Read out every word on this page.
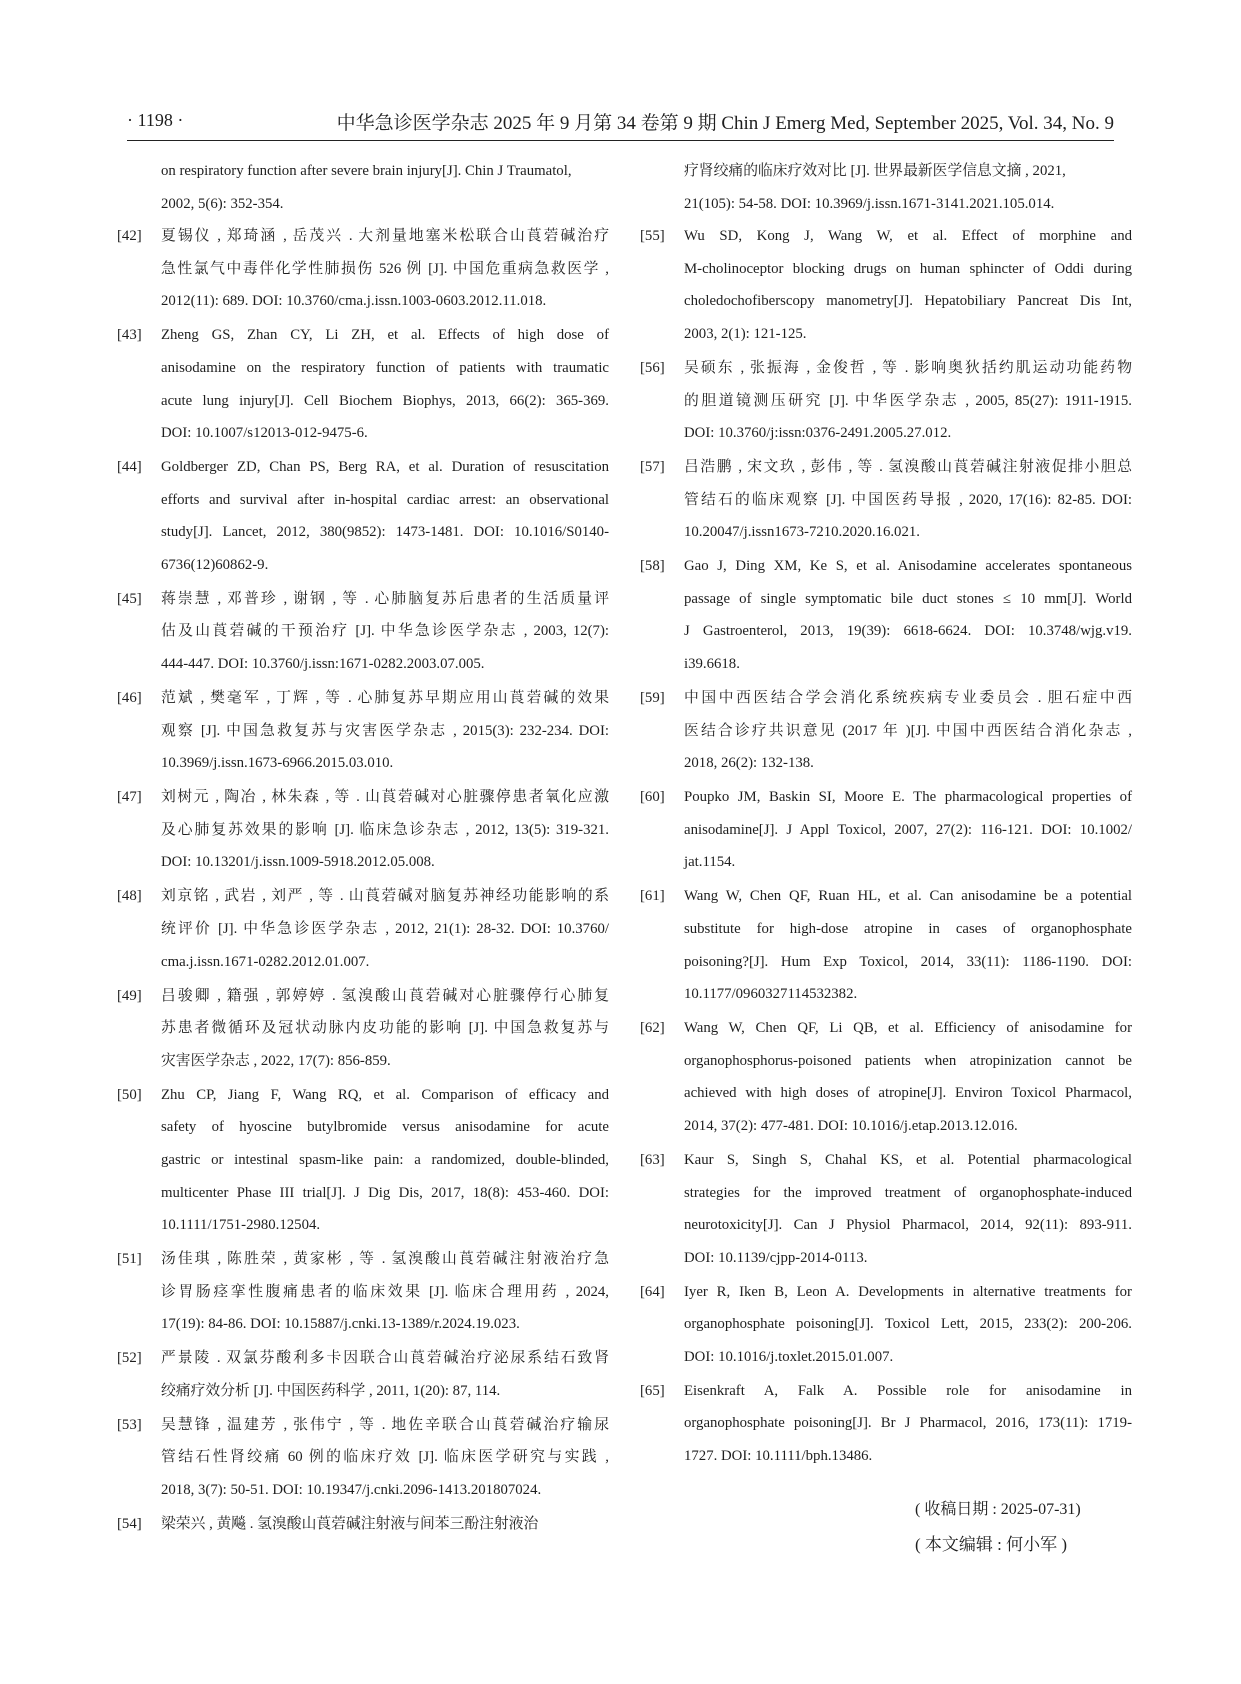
· 1198 ·	中华急诊医学杂志 2025 年 9 月第 34 卷第 9 期 Chin J Emerg Med, September 2025, Vol. 34, No. 9
on respiratory function after severe brain injury[J]. Chin J Traumatol,
2002, 5(6): 352-354.
[42] 夏锡仪 , 郑琦涵 , 岳茂兴 . 大剂量地塞米松联合山莨菪碱治疗
急性氯气中毒伴化学性肺损伤 526 例 [J]. 中国危重病急救医学 ,
2012(11): 689. DOI: 10.3760/cma.j.issn.1003-0603.2012.11.018.
[43] Zheng GS, Zhan CY, Li ZH, et al. Effects of high dose of
anisodamine on the respiratory function of patients with traumatic
acute lung injury[J]. Cell Biochem Biophys, 2013, 66(2): 365-369.
DOI: 10.1007/s12013-012-9475-6.
[44] Goldberger ZD, Chan PS, Berg RA, et al. Duration of resuscitation
efforts and survival after in-hospital cardiac arrest: an observational
study[J]. Lancet, 2012, 380(9852): 1473-1481. DOI: 10.1016/S0140-
6736(12)60862-9.
[45] 蒋崇慧 , 邓普珍 , 谢钢 , 等 . 心肺脑复苏后患者的生活质量评
估及山莨菪碱的干预治疗 [J]. 中华急诊医学杂志 , 2003, 12(7):
444-447. DOI: 10.3760/j.issn:1671-0282.2003.07.005.
[46] 范斌 , 樊毫军 , 丁辉 , 等 . 心肺复苏早期应用山莨菪碱的效果
观察 [J]. 中国急救复苏与灾害医学杂志 , 2015(3): 232-234. DOI:
10.3969/j.issn.1673-6966.2015.03.010.
[47] 刘树元 , 陶冶 , 林朱森 , 等 . 山莨菪碱对心脏骤停患者氧化应激
及心肺复苏效果的影响 [J]. 临床急诊杂志 , 2012, 13(5): 319-321.
DOI: 10.13201/j.issn.1009-5918.2012.05.008.
[48] 刘京铭 , 武岩 , 刘严 , 等 . 山莨菪碱对脑复苏神经功能影响的系
统评价 [J]. 中华急诊医学杂志 , 2012, 21(1): 28-32. DOI: 10.3760/
cma.j.issn.1671-0282.2012.01.007.
[49] 吕骏卿 , 籍强 , 郭婷婷 . 氢溴酸山莨菪碱对心脏骤停行心肺复
苏患者微循环及冠状动脉内皮功能的影响 [J]. 中国急救复苏与
灾害医学杂志 , 2022, 17(7): 856-859.
[50] Zhu CP, Jiang F, Wang RQ, et al. Comparison of efficacy and
safety of hyoscine butylbromide versus anisodamine for acute
gastric or intestinal spasm-like pain: a randomized, double-blinded,
multicenter Phase III trial[J]. J Dig Dis, 2017, 18(8): 453-460. DOI:
10.1111/1751-2980.12504.
[51] 汤佳琪 , 陈胜荣 , 黄家彬 , 等 . 氢溴酸山莨菪碱注射液治疗急
诊胃肠痉挛性腹痛患者的临床效果 [J]. 临床合理用药 , 2024,
17(19): 84-86. DOI: 10.15887/j.cnki.13-1389/r.2024.19.023.
[52] 严景陵 . 双氯芬酸利多卡因联合山莨菪碱治疗泌尿系结石致肾
绞痛疗效分析 [J]. 中国医药科学 , 2011, 1(20): 87, 114.
[53] 吴慧锋 , 温建芳 , 张伟宁 , 等 . 地佐辛联合山莨菪碱治疗输尿
管结石性肾绞痛 60 例的临床疗效 [J]. 临床医学研究与实践 ,
2018, 3(7): 50-51. DOI: 10.19347/j.cnki.2096-1413.201807024.
[54] 梁荣兴 , 黄飚 . 氢溴酸山莨菪碱注射液与间苯三酚注射液治
疗肾绞痛的临床疗效对比 [J]. 世界最新医学信息文摘 , 2021,
21(105): 54-58. DOI: 10.3969/j.issn.1671-3141.2021.105.014.
[55] Wu SD, Kong J, Wang W, et al. Effect of morphine and
M-cholinoceptor blocking drugs on human sphincter of Oddi during
choledochofiberscopy manometry[J]. Hepatobiliary Pancreat Dis Int,
2003, 2(1): 121-125.
[56] 吴硕东 , 张振海 , 金俊哲 , 等 . 影响奥狄括约肌运动功能药物
的胆道镜测压研究 [J]. 中华医学杂志 , 2005, 85(27): 1911-1915.
DOI: 10.3760/j:issn:0376-2491.2005.27.012.
[57] 吕浩鹏 , 宋文玖 , 彭伟 , 等 . 氢溴酸山莨菪碱注射液促排小胆总
管结石的临床观察 [J]. 中国医药导报 , 2020, 17(16): 82-85. DOI:
10.20047/j.issn1673-7210.2020.16.021.
[58] Gao J, Ding XM, Ke S, et al. Anisodamine accelerates spontaneous
passage of single symptomatic bile duct stones ≤ 10 mm[J]. World
J Gastroenterol, 2013, 19(39): 6618-6624. DOI: 10.3748/wjg.v19.
i39.6618.
[59] 中国中西医结合学会消化系统疾病专业委员会 . 胆石症中西
医结合诊疗共识意见 (2017 年 )[J]. 中国中西医结合消化杂志 ,
2018, 26(2): 132-138.
[60] Poupko JM, Baskin SI, Moore E. The pharmacological properties of
anisodamine[J]. J Appl Toxicol, 2007, 27(2): 116-121. DOI: 10.1002/
jat.1154.
[61] Wang W, Chen QF, Ruan HL, et al. Can anisodamine be a potential
substitute for high-dose atropine in cases of organophosphate
poisoning?[J]. Hum Exp Toxicol, 2014, 33(11): 1186-1190. DOI:
10.1177/0960327114532382.
[62] Wang W, Chen QF, Li QB, et al. Efficiency of anisodamine for
organophosphorus-poisoned patients when atropinization cannot be
achieved with high doses of atropine[J]. Environ Toxicol Pharmacol,
2014, 37(2): 477-481. DOI: 10.1016/j.etap.2013.12.016.
[63] Kaur S, Singh S, Chahal KS, et al. Potential pharmacological
strategies for the improved treatment of organophosphate-induced
neurotoxicity[J]. Can J Physiol Pharmacol, 2014, 92(11): 893-911.
DOI: 10.1139/cjpp-2014-0113.
[64] Iyer R, Iken B, Leon A. Developments in alternative treatments for
organophosphate poisoning[J]. Toxicol Lett, 2015, 233(2): 200-206.
DOI: 10.1016/j.toxlet.2015.01.007.
[65] Eisenkraft A, Falk A. Possible role for anisodamine in
organophosphate poisoning[J]. Br J Pharmacol, 2016, 173(11): 1719-
1727. DOI: 10.1111/bph.13486.
( 收稿日期 : 2025-07-31)
( 本文编辑 : 何小军 )
